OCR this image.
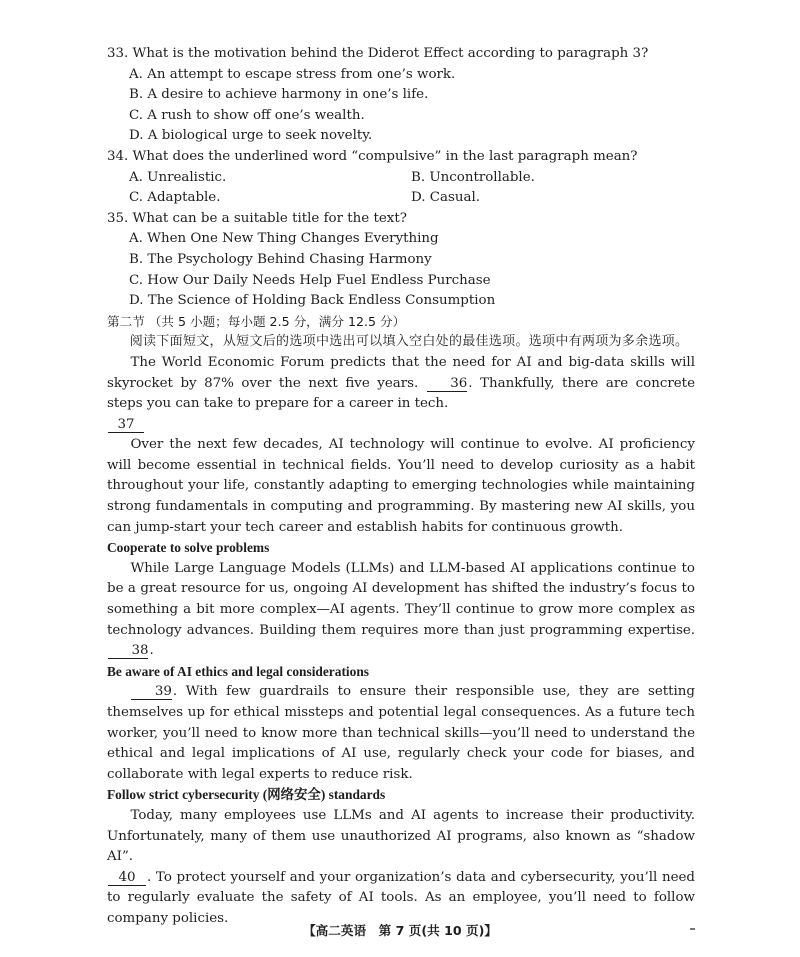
33. What is the motivation behind the Diderot Effect according to paragraph 3?

A. An attempt to escape stress from one’s work.

B. A desire to achieve harmony in one’s life.

C. A rush to show off one’s wealth.

D. A biological urge to seek novelty.

34. What does the underlined word “compulsive” in the last paragraph mean?

A. Unrealistic.	B. Uncontrollable.
C. Adaptable.	D. Casual.

35. What can be a suitable title for the text?

A. When One New Thing Changes Everything

B. The Psychology Behind Chasing Harmony

C. How Our Daily Needs Help Fuel Endless Purchase

D. The Science of Holding Back Endless Consumption

第二节 （共 5 小题；每小题 2.5 分，满分 12.5 分）

阅读下面短文，从短文后的选项中选出可以填入空白处的最佳选项。选项中有两项为多余选项。

The World Economic Forum predicts that the need for AI and big-data skills will skyrocket by 87% over the next five years. 36. Thankfully, there are concrete steps you can take to prepare for a career in tech.

37

Over the next few decades, AI technology will continue to evolve. AI proficiency will become essential in technical fields. You’ll need to develop curiosity as a habit throughout your life, constantly adapting to emerging technologies while maintaining strong fundamentals in computing and programming. By mastering new AI skills, you can jump-start your tech career and establish habits for continuous growth.

Cooperate to solve problems

While Large Language Models (LLMs) and LLM-based AI applications continue to be a great resource for us, ongoing AI development has shifted the industry’s focus to something a bit more complex—AI agents. They’ll continue to grow more complex as technology advances. Building them requires more than just programming expertise. 38.

Be aware of AI ethics and legal considerations

39. With few guardrails to ensure their responsible use, they are setting themselves up for ethical missteps and potential legal consequences. As a future tech worker, you’ll need to know more than technical skills—you’ll need to understand the ethical and legal implications of AI use, regularly check your code for biases, and collaborate with legal experts to reduce risk.

Follow strict cybersecurity (网络安全) standards

Today, many employees use LLMs and AI agents to increase their productivity. Unfortunately, many of them use unauthorized AI programs, also known as “shadow AI”.

40 . To protect yourself and your organization’s data and cybersecurity, you’ll need to regularly evaluate the safety of AI tools. As an employee, you’ll need to follow company policies.

【高二英语　第 7 页(共 10 页)】
